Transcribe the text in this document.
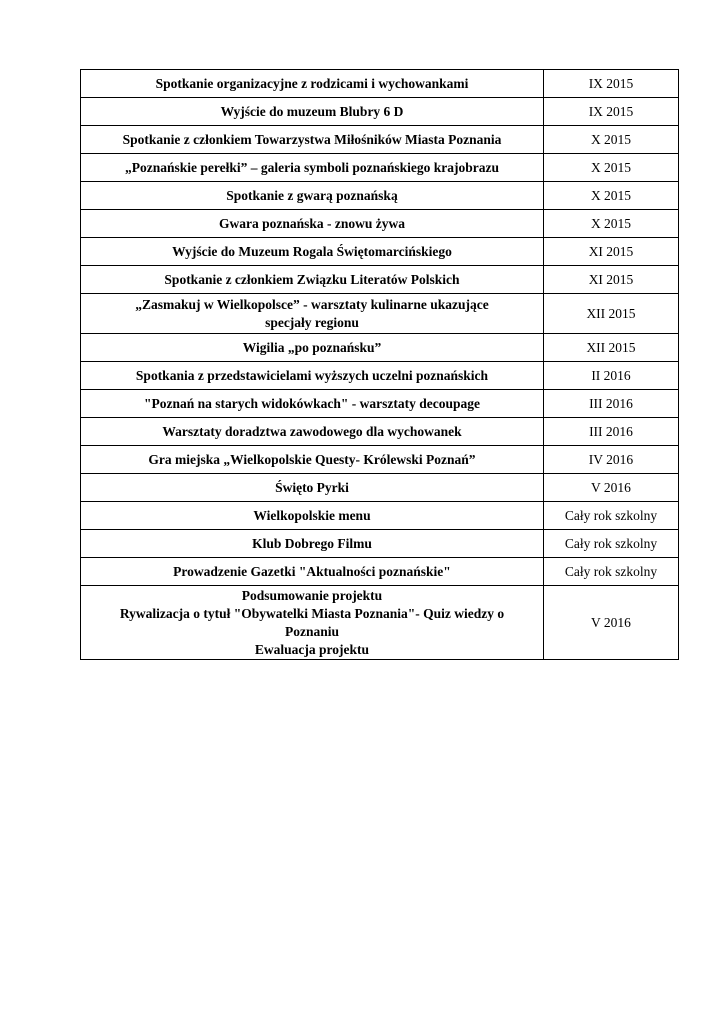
Spotkanie organizacyjne z rodzicami i wychowankami	IX 2015

Wyjście do muzeum Blubry 6 D	IX 2015

Spotkanie z członkiem Towarzystwa Miłośników Miasta Poznania	X 2015

„Poznańskie perełki” – galeria symboli poznańskiego krajobrazu	X 2015

Spotkanie z gwarą poznańską	X 2015

Gwara poznańska - znowu żywa	X 2015

Wyjście do Muzeum Rogala Świętomarcińskiego	XI 2015

Spotkanie z członkiem Związku Literatów Polskich	XI 2015

„Zasmakuj w Wielkopolsce” - warsztaty kulinarne ukazujące
specjały regionu	XII 2015

Wigilia „po poznańsku”	XII 2015

Spotkania z przedstawicielami wyższych uczelni poznańskich	II 2016

"Poznań na starych widokówkach" - warsztaty decoupage	III 2016

Warsztaty doradztwa zawodowego dla wychowanek	III 2016

Gra miejska „Wielkopolskie Questy- Królewski Poznań”	IV 2016

Święto Pyrki	V 2016

Wielkopolskie menu	Cały rok szkolny

Klub Dobrego Filmu	Cały rok szkolny

Prowadzenie Gazetki "Aktualności poznańskie"	Cały rok szkolny

Podsumowanie projektu
Rywalizacja o tytuł "Obywatelki Miasta Poznania"- Quiz wiedzy o
Poznaniu
Ewaluacja projektu	V 2016
